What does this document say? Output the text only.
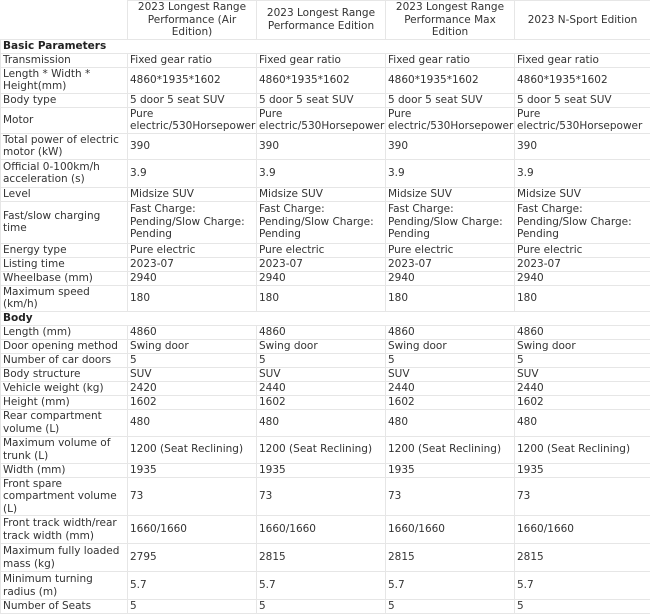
	2023 Longest Range Performance (Air Edition)	2023 Longest Range Performance Edition	2023 Longest Range Performance Max Edition	2023 N-Sport Edition
Basic Parameters				
Transmission	Fixed gear ratio	Fixed gear ratio	Fixed gear ratio	Fixed gear ratio
Length * Width * Height(mm)	4860*1935*1602	4860*1935*1602	4860*1935*1602	4860*1935*1602
Body type	5 door 5 seat SUV	5 door 5 seat SUV	5 door 5 seat SUV	5 door 5 seat SUV
Motor	Pure electric/530Horsepower	Pure electric/530Horsepower	Pure electric/530Horsepower	Pure electric/530Horsepower
Total power of electric motor (kW)	390	390	390	390
Official 0-100km/h acceleration (s)	3.9	3.9	3.9	3.9
Level	Midsize SUV	Midsize SUV	Midsize SUV	Midsize SUV
Fast/slow charging time	Fast Charge: Pending/Slow Charge: Pending	Fast Charge: Pending/Slow Charge: Pending	Fast Charge: Pending/Slow Charge: Pending	Fast Charge: Pending/Slow Charge: Pending
Energy type	Pure electric	Pure electric	Pure electric	Pure electric
Listing time	2023-07	2023-07	2023-07	2023-07
Wheelbase (mm)	2940	2940	2940	2940
Maximum speed (km/h)	180	180	180	180
Body				
Length (mm)	4860	4860	4860	4860
Door opening method	Swing door	Swing door	Swing door	Swing door
Number of car doors	5	5	5	5
Body structure	SUV	SUV	SUV	SUV
Vehicle weight (kg)	2420	2440	2440	2440
Height (mm)	1602	1602	1602	1602
Rear compartment volume (L)	480	480	480	480
Maximum volume of trunk (L)	1200 (Seat Reclining)	1200 (Seat Reclining)	1200 (Seat Reclining)	1200 (Seat Reclining)
Width (mm)	1935	1935	1935	1935
Front spare compartment volume (L)	73	73	73	73
Front track width/rear track width (mm)	1660/1660	1660/1660	1660/1660	1660/1660
Maximum fully loaded mass (kg)	2795	2815	2815	2815
Minimum turning radius (m)	5.7	5.7	5.7	5.7
Number of Seats	5	5	5	5
